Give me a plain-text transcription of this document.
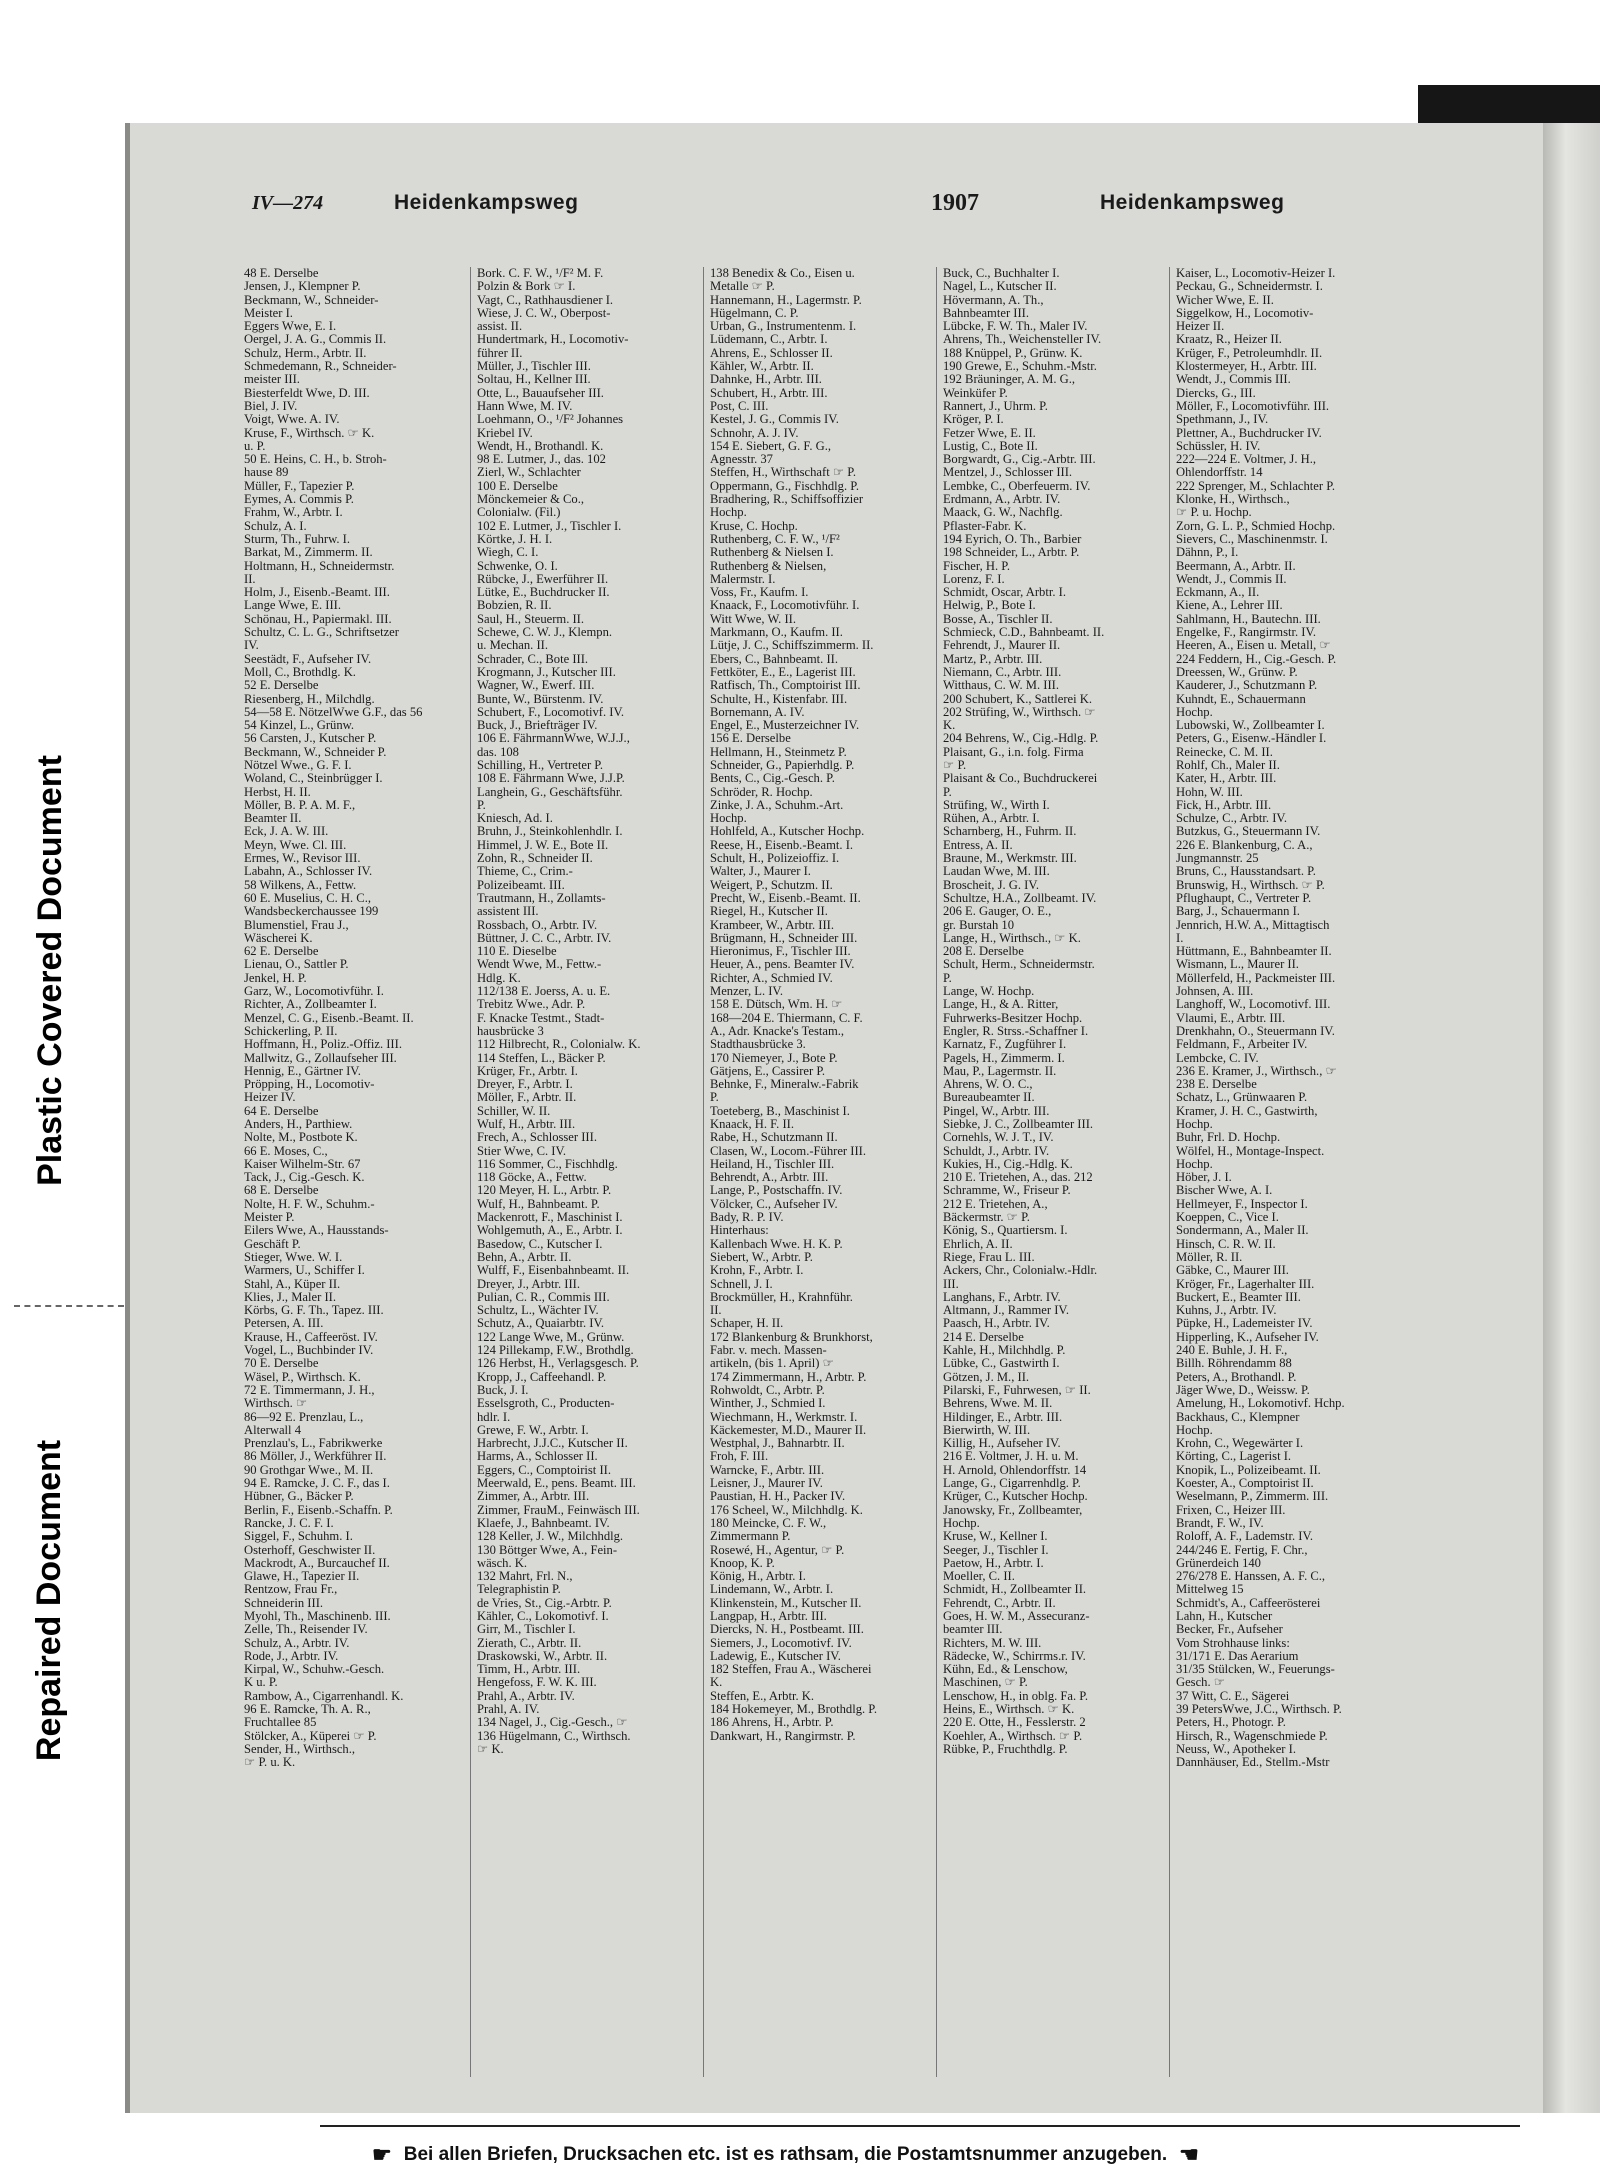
Plastic Covered Document
Repaired Document
IV—274	Heidenkampsweg	1907	Heidenkampsweg
48 E. Derselbe
Jensen, J., Klempner P.
Beckmann, W., Schneider-
Meister I.
Eggers Wwe, E. I.
Oergel, J. A. G., Commis II.
Schulz, Herm., Arbtr. II.
Schmedemann, R., Schneider-
meister III.
Biesterfeldt Wwe, D. III.
Biel, J. IV.
Voigt, Wwe. A. IV.
Kruse, F., Wirthsch. ☞ K.
u. P.
50 E. Heins, C. H., b. Stroh-
hause 89
Müller, F., Tapezier P.
Eymes, A. Commis P.
Frahm, W., Arbtr. I.
Schulz, A. I.
Sturm, Th., Fuhrw. I.
Barkat, M., Zimmerm. II.
Holtmann, H., Schneidermstr.
II.
Holm, J., Eisenb.-Beamt. III.
Lange Wwe, E. III.
Schönau, H., Papiermakl. III.
Schultz, C. L. G., Schriftsetzer
IV.
Seestädt, F., Aufseher IV.
Moll, C., Brothdlg. K.
52 E. Derselbe
Riesenberg, H., Milchdlg.
54—58 E. NötzelWwe G.F., das 56
54 Kinzel, L., Grünw.
56 Carsten, J., Kutscher P.
Beckmann, W., Schneider P.
Nötzel Wwe., G. F. I.
Woland, C., Steinbrügger I.
Herbst, H. II.
Möller, B. P. A. M. F.,
Beamter II.
Eck, J. A. W. III.
Meyn, Wwe. Cl. III.
Ermes, W., Revisor III.
Labahn, A., Schlosser IV.
58 Wilkens, A., Fettw.
60 E. Muselius, C. H. C.,
Wandsbeckerchaussee 199
Blumenstiel, Frau J.,
Wäscherei K.
62 E. Derselbe
Lienau, O., Sattler P.
Jenkel, H. P.
Garz, W., Locomotivführ. I.
Richter, A., Zollbeamter I.
Menzel, C. G., Eisenb.-Beamt. II.
Schickerling, P. II.
Hoffmann, H., Poliz.-Offiz. III.
Mallwitz, G., Zollaufseher III.
Hennig, E., Gärtner IV.
Pröpping, H., Locomotiv-
Heizer IV.
64 E. Derselbe
Anders, H., Parthiew.
Nolte, M., Postbote K.
66 E. Moses, C.,
Kaiser Wilhelm-Str. 67
Tack, J., Cig.-Gesch. K.
68 E. Derselbe
Nolte, H. F. W., Schuhm.-
Meister P.
Eilers Wwe, A., Hausstands-
Geschäft P.
Stieger, Wwe. W. I.
Warmers, U., Schiffer I.
Stahl, A., Küper II.
Klies, J., Maler II.
Körbs, G. F. Th., Tapez. III.
Petersen, A. III.
Krause, H., Caffeeröst. IV.
Vogel, L., Buchbinder IV.
70 E. Derselbe
Wäsel, P., Wirthsch. K.
72 E. Timmermann, J. H.,
Wirthsch. ☞
86—92 E. Prenzlau, L.,
Alterwall 4
Prenzlau's, L., Fabrikwerke
86 Möller, J., Werkführer II.
90 Grothgar Wwe., M. II.
94 E. Ramcke, J. C. F., das I.
Hübner, G., Bäcker P.
Berlin, F., Eisenb.-Schaffn. P.
Rancke, J. C. F. I.
Siggel, F., Schuhm. I.
Osterhoff, Geschwister II.
Mackrodt, A., Burcauchef II.
Glawe, H., Tapezier II.
Rentzow, Frau Fr.,
Schneiderin III.
Myohl, Th., Maschinenb. III.
Zelle, Th., Reisender IV.
Schulz, A., Arbtr. IV.
Rode, J., Arbtr. IV.
Kirpal, W., Schuhw.-Gesch.
K u. P.
Rambow, A., Cigarrenhandl. K.
96 E. Ramcke, Th. A. R.,
Fruchtallee 85
Stölcker, A., Küperei ☞ P.
Sender, H., Wirthsch.,
☞ P. u. K.
Bork. C. F. W., ¹/F² M. F.
Polzin & Bork ☞ I.
Vagt, C., Rathhausdiener I.
Wiese, J. C. W., Oberpost-
assist. II.
Hundertmark, H., Locomotiv-
führer II.
Müller, J., Tischler III.
Soltau, H., Kellner III.
Otte, L., Bauaufseher III.
Hann Wwe, M. IV.
Loehmann, O., ¹/F² Johannes
Kriebel IV.
Wendt, H., Brothandl. K.
98 E. Lutmer, J., das. 102
Zierl, W., Schlachter
100 E. Derselbe
Mönckemeier & Co.,
Colonialw. (Fil.)
102 E. Lutmer, J., Tischler I.
Körtke, J. H. I.
Wiegh, C. I.
Schwenke, O. I.
Rübcke, J., Ewerführer II.
Lütke, E., Buchdrucker II.
Bobzien, R. II.
Saul, H., Steuerm. II.
Schewe, C. W. J., Klempn.
u. Mechan. II.
Schrader, C., Bote III.
Krogmann, J., Kutscher III.
Wagner, W., Ewerf. III.
Bunte, W., Bürstenm. IV.
Schubert, F., Locomotivf. IV.
Buck, J., Briefträger IV.
106 E. FährmannWwe, W.J.J.,
das. 108
Schilling, H., Vertreter P.
108 E. Fährmann Wwe, J.J.P.
Langhein, G., Geschäftsführ.
P.
Kniesch, Ad. I.
Bruhn, J., Steinkohlenhdlr. I.
Himmel, J. W. E., Bote II.
Zohn, R., Schneider II.
Thieme, C., Crim.-
Polizeibeamt. III.
Trautmann, H., Zollamts-
assistent III.
Rossbach, O., Arbtr. IV.
Büttner, J. C. C., Arbtr. IV.
110 E. Dieselbe
Wendt Wwe, M., Fettw.-
Hdlg. K.
112/138 E. Joerss, A. u. E.
Trebitz Wwe., Adr. P.
F. Knacke Testmt., Stadt-
hausbrücke 3
112 Hilbrecht, R., Colonialw. K.
114 Steffen, L., Bäcker P.
Krüger, Fr., Arbtr. I.
Dreyer, F., Arbtr. I.
Möller, F., Arbtr. II.
Schiller, W. II.
Wulf, H., Arbtr. III.
Frech, A., Schlosser III.
Stier Wwe, C. IV.
116 Sommer, C., Fischhdlg.
118 Göcke, A., Fettw.
120 Meyer, H. L., Arbtr. P.
Wulf, H., Bahnbeamt. P.
Mackenrott, F., Maschinist I.
Wohlgemuth, A., E., Arbtr. I.
Basedow, C., Kutscher I.
Behn, A., Arbtr. II.
Wulff, F., Eisenbahnbeamt. II.
Dreyer, J., Arbtr. III.
Pulian, C. R., Commis III.
Schultz, L., Wächter IV.
Schutz, A., Quaiarbtr. IV.
122 Lange Wwe, M., Grünw.
124 Pillekamp, F.W., Brothdlg.
126 Herbst, H., Verlagsgesch. P.
Kropp, J., Caffeehandl. P.
Buck, J. I.
Esselsgroth, C., Producten-
hdlr. I.
Grewe, F. W., Arbtr. I.
Harbrecht, J.J.C., Kutscher II.
Harms, A., Schlosser II.
Eggers, C., Comptoirist II.
Meerwald, E., pens. Beamt. III.
Zimmer, A., Arbtr. III.
Zimmer, FrauM., Feinwäsch III.
Klaefe, J., Bahnbeamt. IV.
128 Keller, J. W., Milchhdlg.
130 Böttger Wwe, A., Fein-
wäsch. K.
132 Mahrt, Frl. N.,
Telegraphistin P.
de Vries, St., Cig.-Arbtr. P.
Kähler, C., Lokomotivf. I.
Girr, M., Tischler I.
Zierath, C., Arbtr. II.
Draskowski, W., Arbtr. II.
Timm, H., Arbtr. III.
Hengefoss, F. W. K. III.
Prahl, A., Arbtr. IV.
Prahl, A. IV.
134 Nagel, J., Cig.-Gesch., ☞
136 Hügelmann, C., Wirthsch.
☞ K.
138 Benedix & Co., Eisen u.
Metalle ☞ P.
Hannemann, H., Lagermstr. P.
Hügelmann, C. P.
Urban, G., Instrumentenm. I.
Lüdemann, C., Arbtr. I.
Ahrens, E., Schlosser II.
Kähler, W., Arbtr. II.
Dahnke, H., Arbtr. III.
Schubert, H., Arbtr. III.
Post, C. III.
Kestel, J. G., Commis IV.
Schnohr, A. J. IV.
154 E. Siebert, G. F. G.,
Agnesstr. 37
Steffen, H., Wirthschaft ☞ P.
Oppermann, G., Fischhdlg. P.
Bradhering, R., Schiffsoffizier
Hochp.
Kruse, C. Hochp.
Ruthenberg, C. F. W., ¹/F²
Ruthenberg & Nielsen I.
Ruthenberg & Nielsen,
Malermstr. I.
Voss, Fr., Kaufm. I.
Knaack, F., Locomotivführ. I.
Witt Wwe, W. II.
Markmann, O., Kaufm. II.
Lütje, J. C., Schiffszimmerm. II.
Ebers, C., Bahnbeamt. II.
Fettköter, E., E., Lagerist III.
Ratfisch, Th., Comptoirist III.
Schulte, H., Kistenfabr. III.
Bornemann, A. IV.
Engel, E., Musterzeichner IV.
156 E. Derselbe
Hellmann, H., Steinmetz P.
Schneider, G., Papierhdlg. P.
Bents, C., Cig.-Gesch. P.
Schröder, R. Hochp.
Zinke, J. A., Schuhm.-Art.
Hochp.
Hohlfeld, A., Kutscher Hochp.
Reese, H., Eisenb.-Beamt. I.
Schult, H., Polizeioffiz. I.
Walter, J., Maurer I.
Weigert, P., Schutzm. II.
Precht, W., Eisenb.-Beamt. II.
Riegel, H., Kutscher II.
Krambeer, W., Arbtr. III.
Brügmann, H., Schneider III.
Hieronimus, F., Tischler III.
Heuer, A., pens. Beamter IV.
Richter, A., Schmied IV.
Menzer, L. IV.
158 E. Dütsch, Wm. H. ☞
168—204 E. Thiermann, C. F.
A., Adr. Knacke's Testam.,
Stadthausbrücke 3.
170 Niemeyer, J., Bote P.
Gätjens, E., Cassirer P.
Behnke, F., Mineralw.-Fabrik
P.
Toeteberg, B., Maschinist I.
Knaack, H. F. II.
Rabe, H., Schutzmann II.
Clasen, W., Locom.-Führer III.
Heiland, H., Tischler III.
Behrendt, A., Arbtr. III.
Lange, P., Postschaffn. IV.
Völcker, C., Aufseher IV.
Bady, R. P. IV.
Hinterhaus:
Kallenbach Wwe. H. K. P.
Siebert, W., Arbtr. P.
Krohn, F., Arbtr. I.
Schnell, J. I.
Brockmüller, H., Krahnführ.
II.
Schaper, H. II.
172 Blankenburg & Brunkhorst,
Fabr. v. mech. Massen-
artikeln, (bis 1. April) ☞
174 Zimmermann, H., Arbtr. P.
Rohwoldt, C., Arbtr. P.
Winther, J., Schmied I.
Wiechmann, H., Werkmstr. I.
Käckemester, M.D., Maurer II.
Westphal, J., Bahnarbtr. II.
Froh, F. III.
Warncke, F., Arbtr. III.
Leisner, J., Maurer IV.
Paustian, H. H., Packer IV.
176 Scheel, W., Milchhdlg. K.
180 Meincke, C. F. W.,
Zimmermann P.
Rosewé, H., Agentur, ☞ P.
Knoop, K. P.
König, H., Arbtr. I.
Lindemann, W., Arbtr. I.
Klinkenstein, M., Kutscher II.
Langpap, H., Arbtr. III.
Diercks, N. H., Postbeamt. III.
Siemers, J., Locomotivf. IV.
Ladewig, E., Kutscher IV.
182 Steffen, Frau A., Wäscherei
K.
Steffen, E., Arbtr. K.
184 Hokemeyer, M., Brothdlg. P.
186 Ahrens, H., Arbtr. P.
Dankwart, H., Rangirmstr. P.
Buck, C., Buchhalter I.
Nagel, L., Kutscher II.
Hövermann, A. Th.,
Bahnbeamter III.
Lübcke, F. W. Th., Maler IV.
Ahrens, Th., Weichensteller IV.
188 Knüppel, P., Grünw. K.
190 Grewe, E., Schuhm.-Mstr.
192 Bräuninger, A. M. G.,
Weinküfer P.
Rannert, J., Uhrm. P.
Kröger, P. I.
Fetzer Wwe, E. II.
Lustig, C., Bote II.
Borgwardt, G., Cig.-Arbtr. III.
Mentzel, J., Schlosser III.
Lembke, C., Oberfeuerm. IV.
Erdmann, A., Arbtr. IV.
Maack, G. W., Nachflg.
Pflaster-Fabr. K.
194 Eyrich, O. Th., Barbier
198 Schneider, L., Arbtr. P.
Fischer, H. P.
Lorenz, F. I.
Schmidt, Oscar, Arbtr. I.
Helwig, P., Bote I.
Bosse, A., Tischler II.
Schmieck, C.D., Bahnbeamt. II.
Fehrendt, J., Maurer II.
Martz, P., Arbtr. III.
Niemann, C., Arbtr. III.
Witthaus, C. W. M. III.
200 Schubert, K., Sattlerei K.
202 Strüfing, W., Wirthsch. ☞
K.
204 Behrens, W., Cig.-Hdlg. P.
Plaisant, G., i.n. folg. Firma
☞ P.
Plaisant & Co., Buchdruckerei
P.
Strüfing, W., Wirth I.
Rühen, A., Arbtr. I.
Scharnberg, H., Fuhrm. II.
Entress, A. II.
Braune, M., Werkmstr. III.
Laudan Wwe, M. III.
Broscheit, J. G. IV.
Schultze, H.A., Zollbeamt. IV.
206 E. Gauger, O. E.,
gr. Burstah 10
Lange, H., Wirthsch., ☞ K.
208 E. Derselbe
Schult, Herm., Schneidermstr.
P.
Lange, W. Hochp.
Lange, H., & A. Ritter,
Fuhrwerks-Besitzer Hochp.
Engler, R. Strss.-Schaffner I.
Karnatz, F., Zugführer I.
Pagels, H., Zimmerm. I.
Mau, P., Lagermstr. II.
Ahrens, W. O. C.,
Bureaubeamter II.
Pingel, W., Arbtr. III.
Siebke, J. C., Zollbeamter III.
Cornehls, W. J. T., IV.
Schuldt, J., Arbtr. IV.
Kukies, H., Cig.-Hdlg. K.
210 E. Trietehen, A., das. 212
Schramme, W., Friseur P.
212 E. Trietehen, A.,
Bäckermstr. ☞ P.
König, S., Quartiersm. I.
Ehrlich, A. II.
Riege, Frau L. III.
Ackers, Chr., Colonialw.-Hdlr.
III.
Langhans, F., Arbtr. IV.
Altmann, J., Rammer IV.
Paasch, H., Arbtr. IV.
214 E. Derselbe
Kahle, H., Milchhdlg. P.
Lübke, C., Gastwirth I.
Götzen, J. M., II.
Pilarski, F., Fuhrwesen, ☞ II.
Behrens, Wwe. M. II.
Hildinger, E., Arbtr. III.
Bierwirth, W. III.
Killig, H., Aufseher IV.
216 E. Voltmer, J. H. u. M.
H. Arnold, Ohlendorffstr. 14
Lange, G., Cigarrenhdlg. P.
Krüger, C., Kutscher Hochp.
Janowsky, Fr., Zollbeamter,
Hochp.
Kruse, W., Kellner I.
Seeger, J., Tischler I.
Paetow, H., Arbtr. I.
Moeller, C. II.
Schmidt, H., Zollbeamter II.
Fehrendt, C., Arbtr. II.
Goes, H. W. M., Assecuranz-
beamter III.
Richters, M. W. III.
Rädecke, W., Schirrms.r. IV.
Kühn, Ed., & Lenschow,
Maschinen, ☞ P.
Lenschow, H., in oblg. Fa. P.
Heins, E., Wirthsch. ☞ K.
220 E. Otte, H., Fesslerstr. 2
Koehler, A., Wirthsch. ☞ P.
Rübke, P., Fruchthdlg. P.
Kaiser, L., Locomotiv-Heizer I.
Peckau, G., Schneidermstr. I.
Wicher Wwe, E. II.
Siggelkow, H., Locomotiv-
Heizer II.
Kraatz, R., Heizer II.
Krüger, F., Petroleumhdlr. II.
Klostermeyer, H., Arbtr. III.
Wendt, J., Commis III.
Diercks, G., III.
Möller, F., Locomotivführ. III.
Spethmann, J., IV.
Plettner, A., Buchdrucker IV.
Schüssler, H. IV.
222—224 E. Voltmer, J. H.,
Ohlendorffstr. 14
222 Sprenger, M., Schlachter P.
Klonke, H., Wirthsch.,
☞ P. u. Hochp.
Zorn, G. L. P., Schmied Hochp.
Sievers, C., Maschinenmstr. I.
Dähnn, P., I.
Beermann, A., Arbtr. II.
Wendt, J., Commis II.
Eckmann, A., II.
Kiene, A., Lehrer III.
Sahlmann, H., Bautechn. III.
Engelke, F., Rangirmstr. IV.
Heeren, A., Eisen u. Metall, ☞
224 Feddern, H., Cig.-Gesch. P.
Dreessen, W., Grünw. P.
Kauderer, J., Schutzmann P.
Kuhndt, E., Schauermann
Hochp.
Lubowski, W., Zollbeamter I.
Peters, G., Eisenw.-Händler I.
Reinecke, C. M. II.
Rohlf, Ch., Maler II.
Kater, H., Arbtr. III.
Hohn, W. III.
Fick, H., Arbtr. III.
Schulze, C., Arbtr. IV.
Butzkus, G., Steuermann IV.
226 E. Blankenburg, C. A.,
Jungmannstr. 25
Bruns, C., Hausstandsart. P.
Brunswig, H., Wirthsch. ☞ P.
Pflughaupt, C., Vertreter P.
Barg, J., Schauermann I.
Jennrich, H.W. A., Mittagtisch
I.
Hüttmann, E., Bahnbeamter II.
Wismann, L., Maurer II.
Möllerfeld, H., Packmeister III.
Johnsen, A. III.
Langhoff, W., Locomotivf. III.
Vlaumi, E., Arbtr. III.
Drenkhahn, O., Steuermann IV.
Feldmann, F., Arbeiter IV.
Lembcke, C. IV.
236 E. Kramer, J., Wirthsch., ☞
238 E. Derselbe
Schatz, L., Grünwaaren P.
Kramer, J. H. C., Gastwirth,
Hochp.
Buhr, Frl. D. Hochp.
Wölfel, H., Montage-Inspect.
Hochp.
Höber, J. I.
Bischer Wwe, A. I.
Hellmeyer, F., Inspector I.
Koeppen, C., Vice I.
Sondermann, A., Maler II.
Hinsch, C. R. W. II.
Möller, R. II.
Gäbke, C., Maurer III.
Kröger, Fr., Lagerhalter III.
Buckert, E., Beamter III.
Kuhns, J., Arbtr. IV.
Püpke, H., Lademeister IV.
Hipperling, K., Aufseher IV.
240 E. Buhle, J. H. F.,
Billh. Röhrendamm 88
Peters, A., Brothandl. P.
Jäger Wwe, D., Weissw. P.
Amelung, H., Lokomotivf. Hchp.
Backhaus, C., Klempner
Hochp.
Krohn, C., Wegewärter I.
Körting, C., Lagerist I.
Knopik, L., Polizeibeamt. II.
Koester, A., Comptoirist II.
Weselmann, P., Zimmerm. III.
Frixen, C., Heizer III.
Brandt, F. W., IV.
Roloff, A. F., Lademstr. IV.
244/246 E. Fertig, F. Chr.,
Grünerdeich 140
276/278 E. Hanssen, A. F. C.,
Mittelweg 15
Schmidt's, A., Caffeerösterei
Lahn, H., Kutscher
Becker, Fr., Aufseher
Vom Strohhause links:
31/171 E. Das Aerarium
31/35 Stülcken, W., Feuerungs-
Gesch. ☞
37 Witt, C. E., Sägerei
39 PetersWwe, J.C., Wirthsch. P.
Peters, H., Photogr. P.
Hirsch, R., Wagenschmiede P.
Neuss, W., Apotheker I.
Dannhäuser, Ed., Stellm.-Mstr
☛ Bei allen Briefen, Drucksachen etc. ist es rathsam, die Postamtsnummer anzugeben. ☚
